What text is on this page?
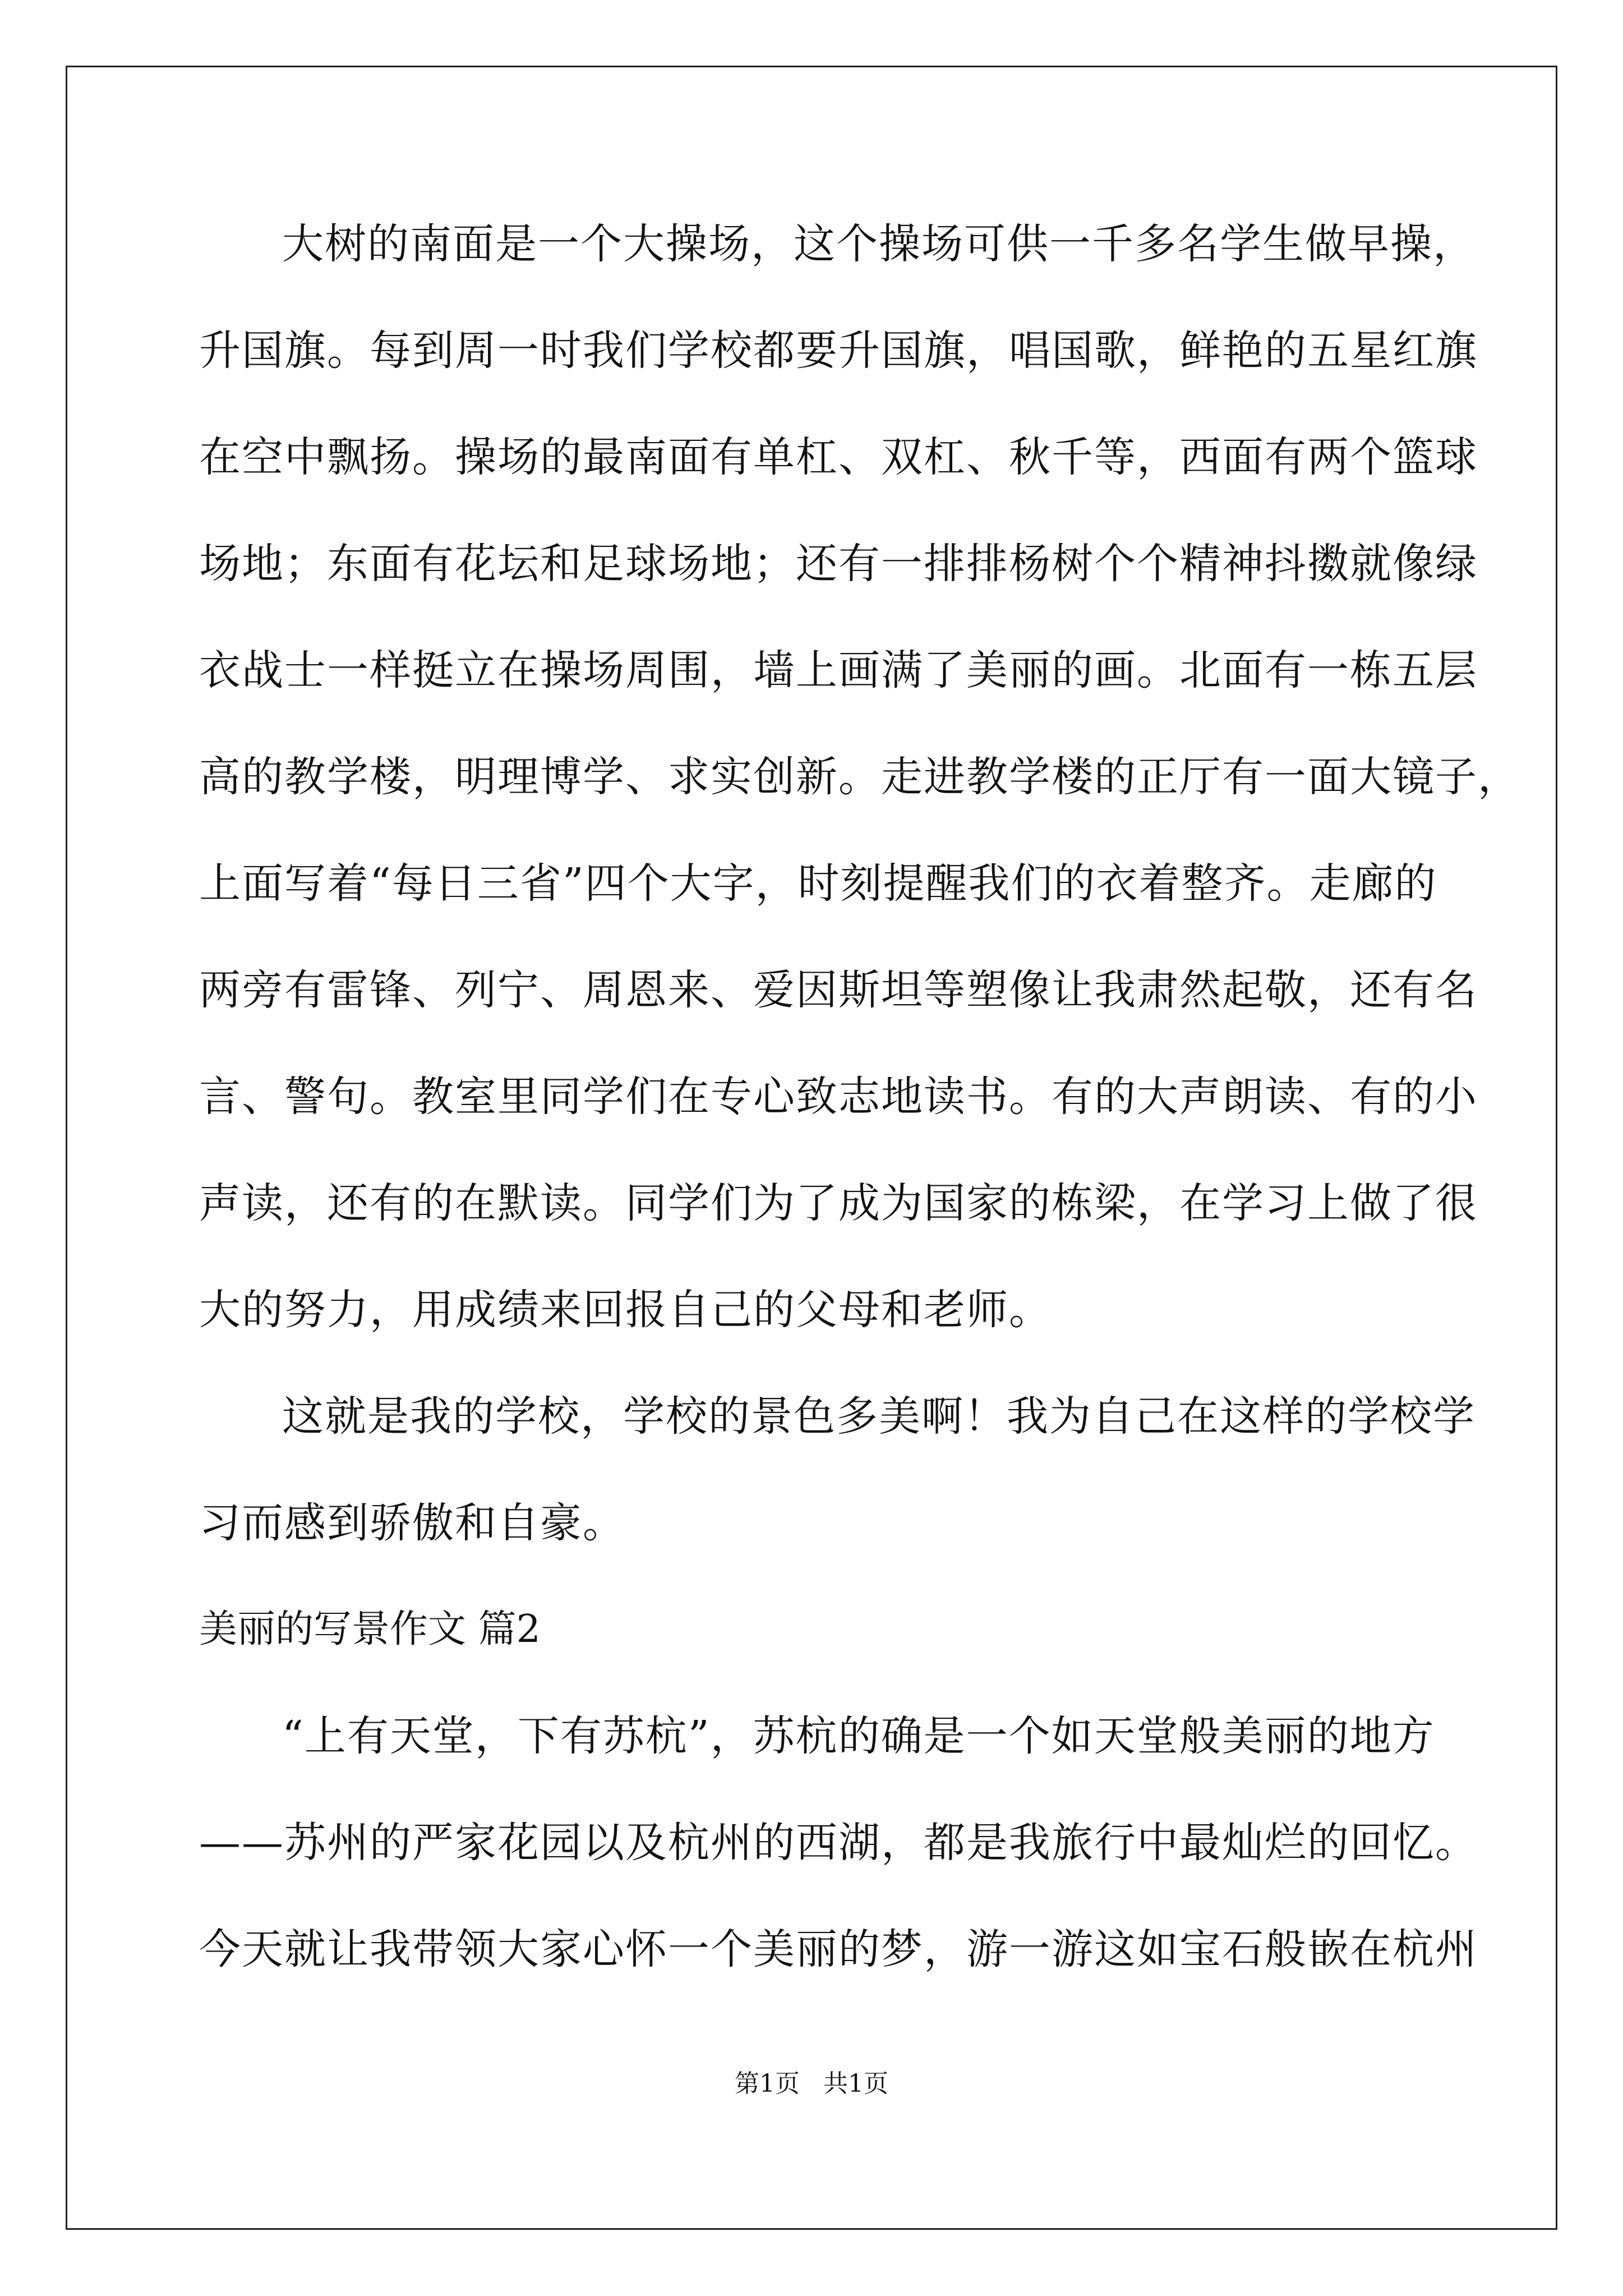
大树的南面是一个大操场，这个操场可供一千多名学生做早操，

升国旗。每到周一时我们学校都要升国旗，唱国歌，鲜艳的五星红旗

在空中飘扬。操场的最南面有单杠、双杠、秋千等，西面有两个篮球

场地；东面有花坛和足球场地；还有一排排杨树个个精神抖擞就像绿

衣战士一样挺立在操场周围，墙上画满了美丽的画。北面有一栋五层

高的教学楼，明理博学、求实创新。走进教学楼的正厅有一面大镜子，

上面写着“每日三省”四个大字，时刻提醒我们的衣着整齐。走廊的

两旁有雷锋、列宁、周恩来、爱因斯坦等塑像让我肃然起敬，还有名

言、警句。教室里同学们在专心致志地读书。有的大声朗读、有的小

声读，还有的在默读。同学们为了成为国家的栋梁，在学习上做了很

大的努力，用成绩来回报自己的父母和老师。

这就是我的学校，学校的景色多美啊！我为自己在这样的学校学

习而感到骄傲和自豪。

美丽的写景作文 篇2

“上有天堂，下有苏杭”，苏杭的确是一个如天堂般美丽的地方

——苏州的严家花园以及杭州的西湖，都是我旅行中最灿烂的回忆。

今天就让我带领大家心怀一个美丽的梦，游一游这如宝石般嵌在杭州

第1页   共1页
